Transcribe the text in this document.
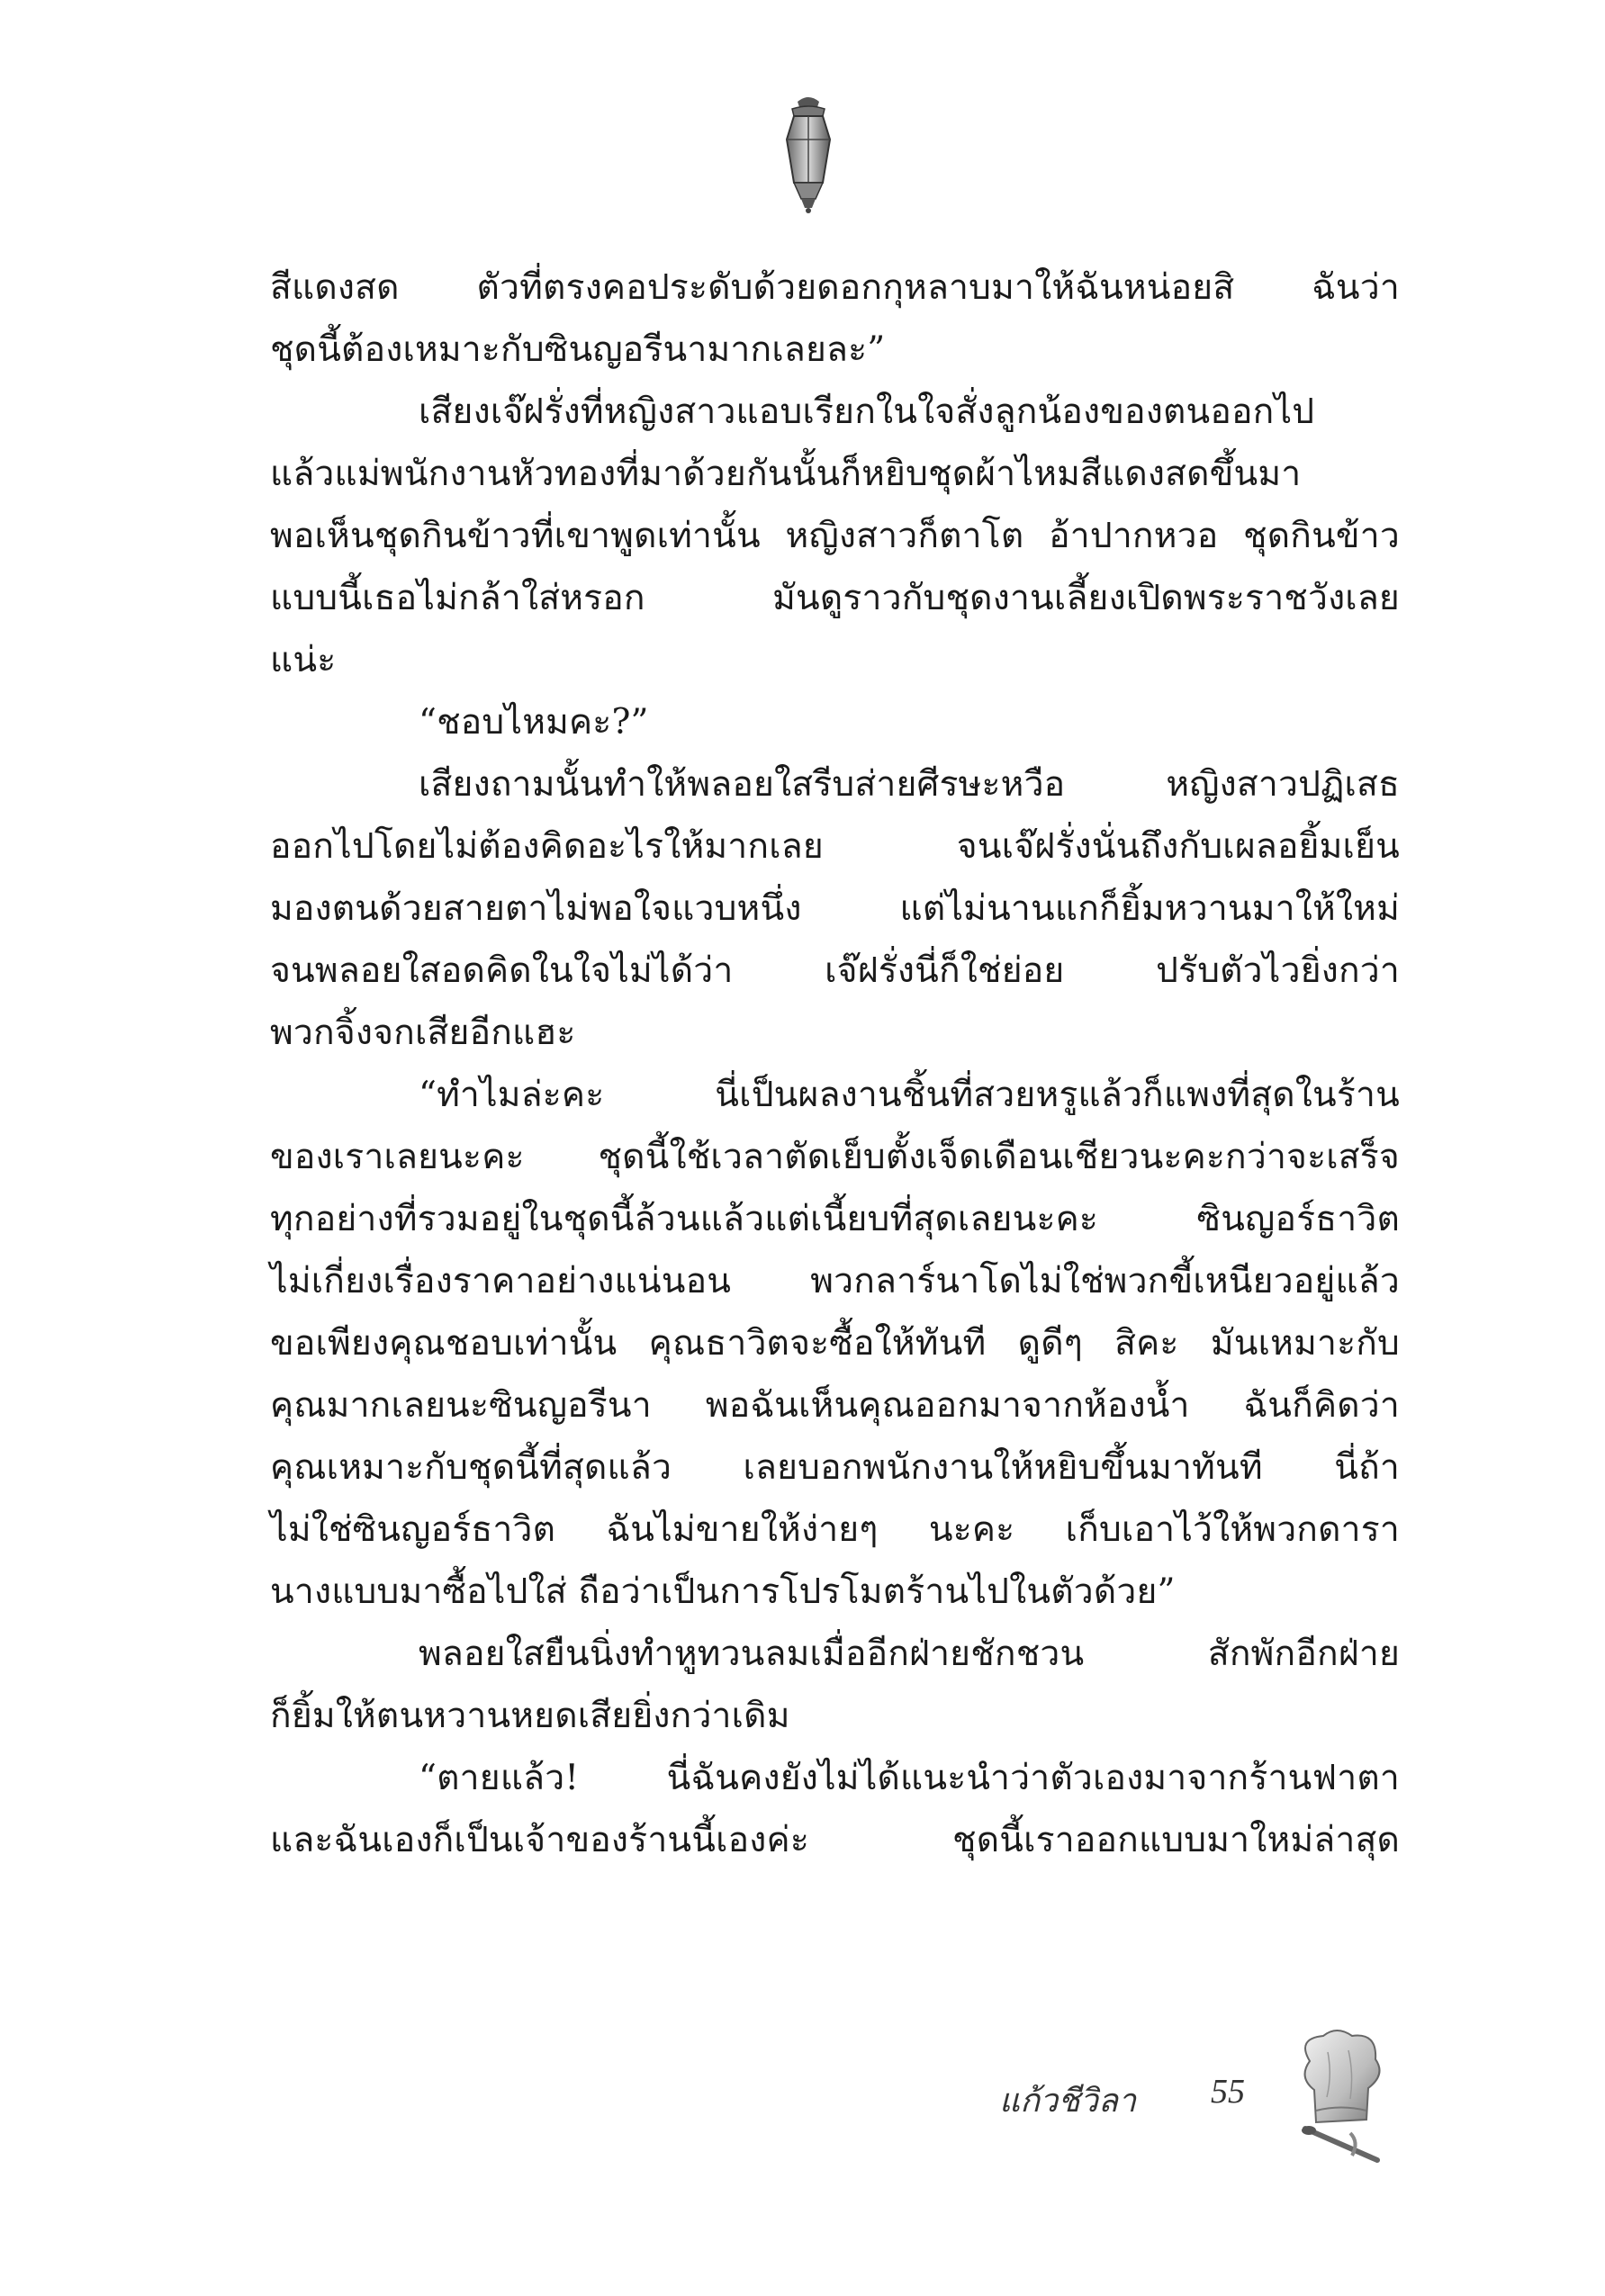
สีแดงสด ตัวที่ตรงคอประดับด้วยดอกกุหลาบมาให้ฉันหน่อยสิ ฉันว่า
ชุดนี้ต้องเหมาะกับซินญอรีนามากเลยละ”
เสียงเจ๊ฝรั่งที่หญิงสาวแอบเรียกในใจสั่งลูกน้องของตนออกไป
แล้วแม่พนักงานหัวทองที่มาด้วยกันนั้นก็หยิบชุดผ้าไหมสีแดงสดขึ้นมา
พอเห็นชุดกินข้าวที่เขาพูดเท่านั้น หญิงสาวก็ตาโต อ้าปากหวอ ชุดกินข้าว
แบบนี้เธอไม่กล้าใส่หรอก มันดูราวกับชุดงานเลี้ยงเปิดพระราชวังเลย
แน่ะ
“ชอบไหมคะ?”
เสียงถามนั้นทำให้พลอยใสรีบส่ายศีรษะหวือ หญิงสาวปฏิเสธ
ออกไปโดยไม่ต้องคิดอะไรให้มากเลย จนเจ๊ฝรั่งนั่นถึงกับเผลอยิ้มเย็น
มองตนด้วยสายตาไม่พอใจแวบหนึ่ง แต่ไม่นานแกก็ยิ้มหวานมาให้ใหม่
จนพลอยใสอดคิดในใจไม่ได้ว่า เจ๊ฝรั่งนี่ก็ใช่ย่อย ปรับตัวไวยิ่งกว่า
พวกจิ้งจกเสียอีกแฮะ
“ทำไมล่ะคะ นี่เป็นผลงานชิ้นที่สวยหรูแล้วก็แพงที่สุดในร้าน
ของเราเลยนะคะ ชุดนี้ใช้เวลาตัดเย็บตั้งเจ็ดเดือนเชียวนะคะกว่าจะเสร็จ
ทุกอย่างที่รวมอยู่ในชุดนี้ล้วนแล้วแต่เนี้ยบที่สุดเลยนะคะ ซินญอร์ธาวิต
ไม่เกี่ยงเรื่องราคาอย่างแน่นอน พวกลาร์นาโดไม่ใช่พวกขี้เหนียวอยู่แล้ว
ขอเพียงคุณชอบเท่านั้น คุณธาวิตจะซื้อให้ทันที ดูดีๆ สิคะ มันเหมาะกับ
คุณมากเลยนะซินญอรีนา พอฉันเห็นคุณออกมาจากห้องน้ำ ฉันก็คิดว่า
คุณเหมาะกับชุดนี้ที่สุดแล้ว เลยบอกพนักงานให้หยิบขึ้นมาทันที นี่ถ้า
ไม่ใช่ซินญอร์ธาวิต ฉันไม่ขายให้ง่ายๆ นะคะ เก็บเอาไว้ให้พวกดารา
นางแบบมาซื้อไปใส่ ถือว่าเป็นการโปรโมตร้านไปในตัวด้วย”
พลอยใสยืนนิ่งทำหูทวนลมเมื่ออีกฝ่ายชักชวน สักพักอีกฝ่าย
ก็ยิ้มให้ตนหวานหยดเสียยิ่งกว่าเดิม
“ตายแล้ว! นี่ฉันคงยังไม่ได้แนะนำว่าตัวเองมาจากร้านฟาตา
และฉันเองก็เป็นเจ้าของร้านนี้เองค่ะ ชุดนี้เราออกแบบมาใหม่ล่าสุด
แก้วชีวิลา 55
